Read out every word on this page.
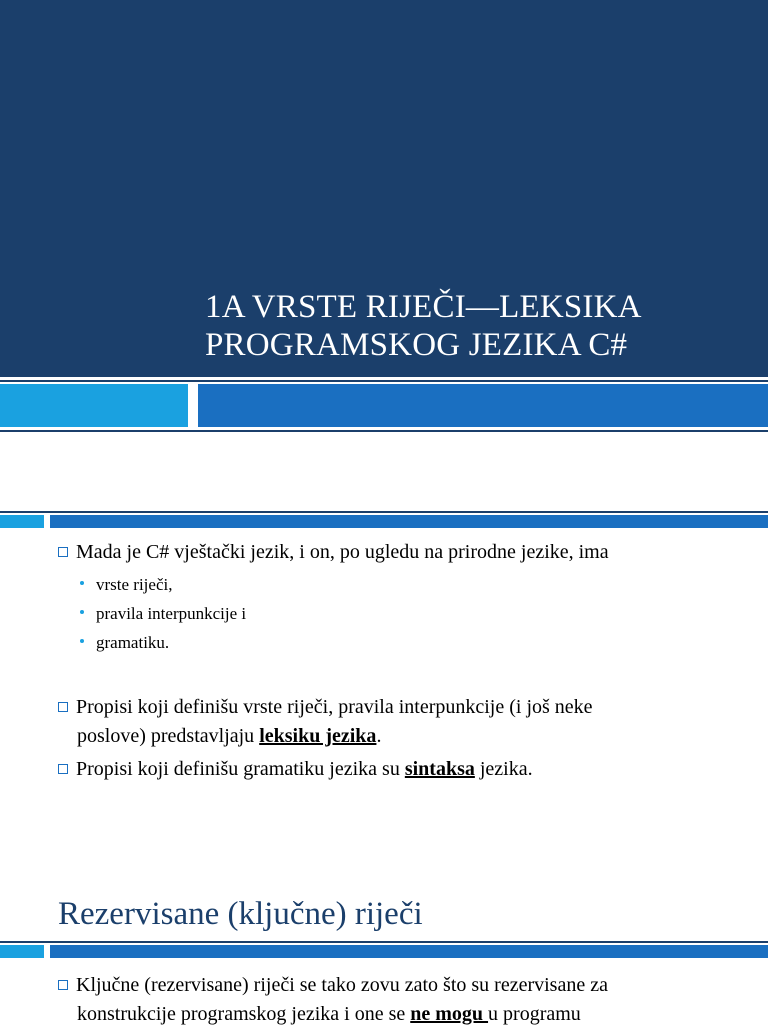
1A VRSTE RIJEČI—LEKSIKA
PROGRAMSKOG JEZIKA C#
Mada je C# vještački jezik, i on, po ugledu na prirodne jezike, ima
vrste riječi,
pravila interpunkcije i
gramatiku.
Propisi koji definišu vrste riječi, pravila interpunkcije (i još neke
poslove) predstavljaju leksiku jezika.
Propisi koji definišu gramatiku jezika su sintaksa jezika.
Rezervisane (ključne) riječi
Ključne (rezervisane) riječi se tako zovu zato što su rezervisane za
konstrukcije programskog jezika i one se ne mogu u programu
